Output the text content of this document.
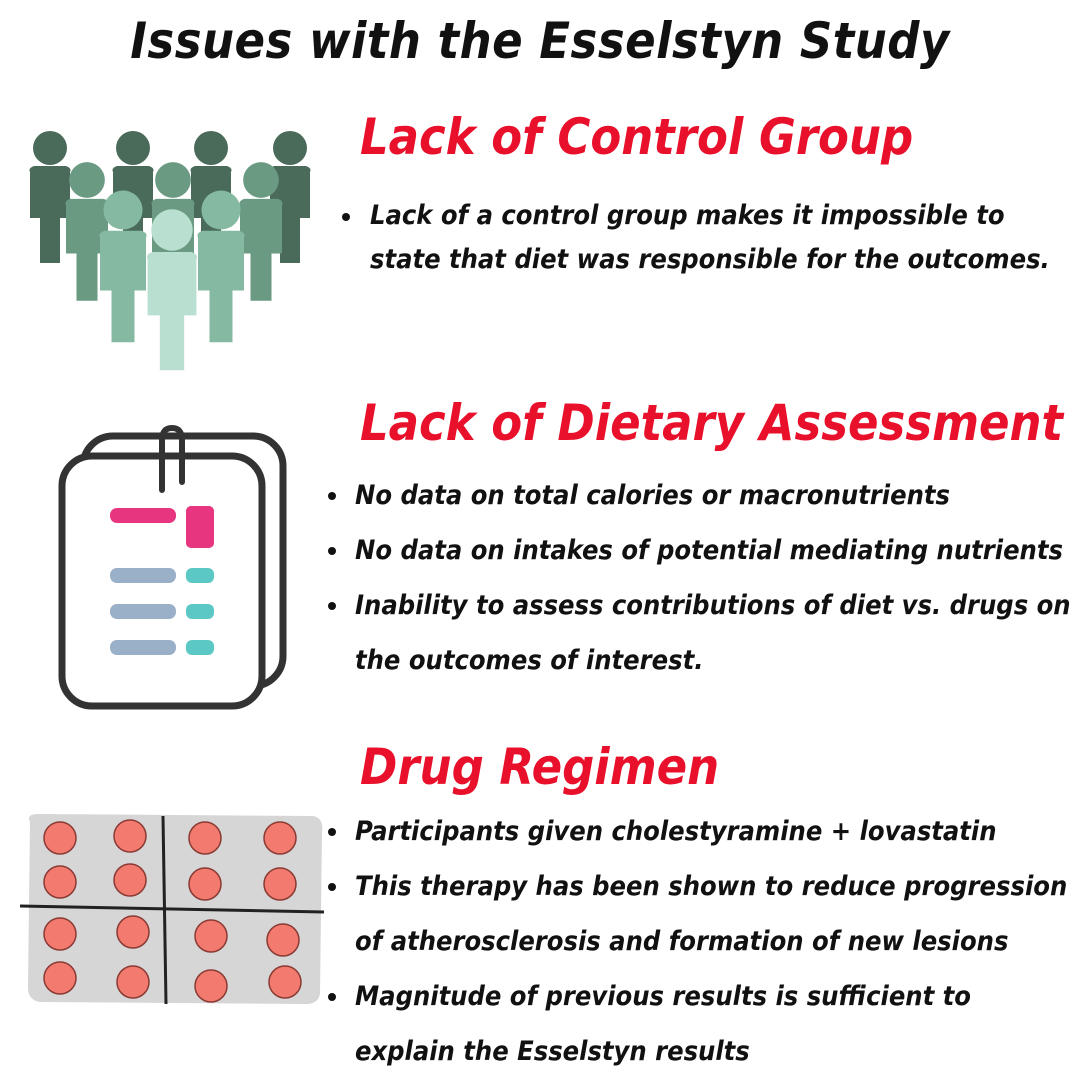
Issues with the Esselstyn Study
Lack of Control Group
Lack of a control group makes it impossible to state that diet was responsible for the outcomes.
Lack of Dietary Assessment
No data on total calories or macronutrients
No data on intakes of potential mediating nutrients
Inability to assess contributions of diet vs. drugs on the outcomes of interest.
Drug Regimen
Participants given cholestyramine + lovastatin
This therapy has been shown to reduce progression of atherosclerosis and formation of new lesions
Magnitude of previous results is sufficient to explain the Esselstyn results
